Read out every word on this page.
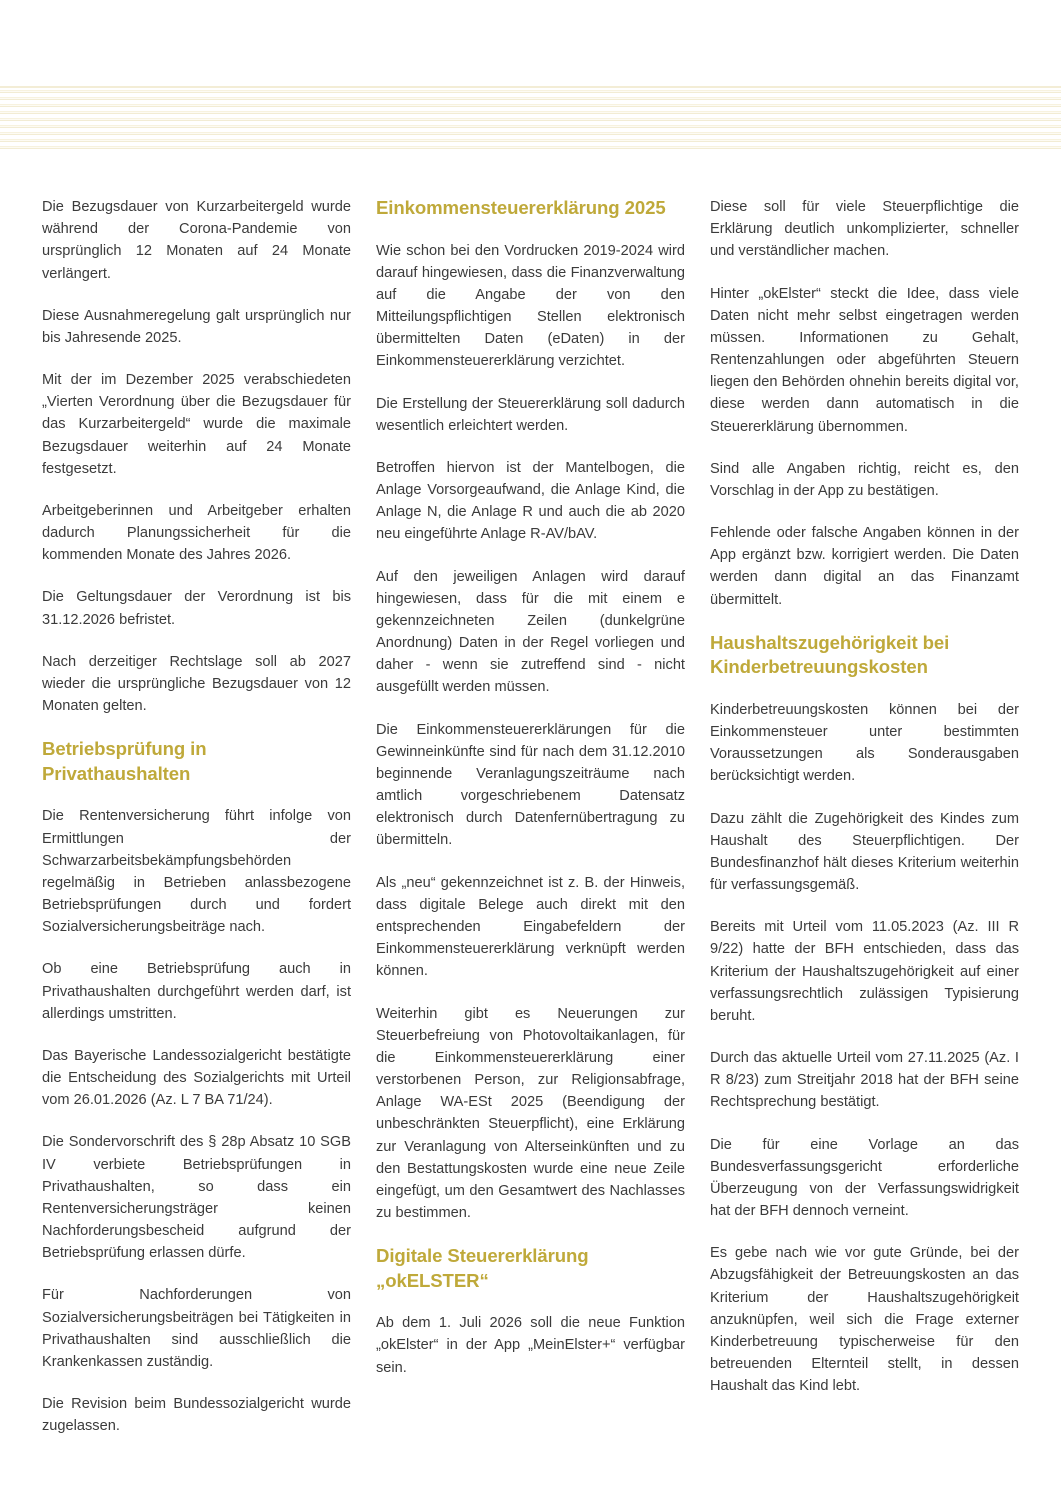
Die Bezugsdauer von Kurzarbeitergeld wurde während der Corona-Pandemie von ursprünglich 12 Monaten auf 24 Monate verlängert.

Diese Ausnahmeregelung galt ursprünglich nur bis Jahresende 2025.

Mit der im Dezember 2025 verabschiedeten „Vierten Verordnung über die Bezugsdauer für das Kurzarbeitergeld“ wurde die maximale Bezugsdauer weiterhin auf 24 Monate festgesetzt.

Arbeitgeberinnen und Arbeitgeber erhalten dadurch Planungssicherheit für die kommenden Monate des Jahres 2026.

Die Geltungsdauer der Verordnung ist bis 31.12.2026 befristet.

Nach derzeitiger Rechtslage soll ab 2027 wieder die ursprüngliche Bezugsdauer von 12 Monaten gelten.

Betriebsprüfung in Privathaushalten

Die Rentenversicherung führt infolge von Ermittlungen der Schwarzarbeitsbekämpfungsbehörden regelmäßig in Betrieben anlassbezogene Betriebsprüfungen durch und fordert Sozialversicherungsbeiträge nach.

Ob eine Betriebsprüfung auch in Privathaushalten durchgeführt werden darf, ist allerdings umstritten.

Das Bayerische Landessozialgericht bestätigte die Entscheidung des Sozialgerichts mit Urteil vom 26.01.2026 (Az. L 7 BA 71/24).

Die Sondervorschrift des § 28p Absatz 10 SGB IV verbiete Betriebsprüfungen in Privathaushalten, so dass ein Rentenversicherungsträger keinen Nachforderungsbescheid aufgrund der Betriebsprüfung erlassen dürfe.

Für Nachforderungen von Sozialversicherungsbeiträgen bei Tätigkeiten in Privathaushalten sind ausschließlich die Krankenkassen zuständig.

Die Revision beim Bundessozialgericht wurde zugelassen.

Einkommensteuererklärung 2025

Wie schon bei den Vordrucken 2019-2024 wird darauf hingewiesen, dass die Finanzverwaltung auf die Angabe der von den Mitteilungspflichtigen Stellen elektronisch übermittelten Daten (eDaten) in der Einkommensteuererklärung verzichtet.

Die Erstellung der Steuererklärung soll dadurch wesentlich erleichtert werden.

Betroffen hiervon ist der Mantelbogen, die Anlage Vorsorgeaufwand, die Anlage Kind, die Anlage N, die Anlage R und auch die ab 2020 neu eingeführte Anlage R-AV/bAV.

Auf den jeweiligen Anlagen wird darauf hingewiesen, dass für die mit einem e gekennzeichneten Zeilen (dunkelgrüne Anordnung) Daten in der Regel vorliegen und daher - wenn sie zutreffend sind - nicht ausgefüllt werden müssen.

Die Einkommensteuererklärungen für die Gewinneinkünfte sind für nach dem 31.12.2010 beginnende Veranlagungszeiträume nach amtlich vorgeschriebenem Datensatz elektronisch durch Datenfernübertragung zu übermitteln.

Als „neu“ gekennzeichnet ist z. B. der Hinweis, dass digitale Belege auch direkt mit den entsprechenden Eingabefeldern der Einkommensteuererklärung verknüpft werden können.

Weiterhin gibt es Neuerungen zur Steuerbefreiung von Photovoltaikanlagen, für die Einkommensteuererklärung einer verstorbenen Person, zur Religionsabfrage, Anlage WA-ESt 2025 (Beendigung der unbeschränkten Steuerpflicht), eine Erklärung zur Veranlagung von Alterseinkünften und zu den Bestattungskosten wurde eine neue Zeile eingefügt, um den Gesamtwert des Nachlasses zu bestimmen.

Digitale Steuererklärung „okELSTER“

Ab dem 1. Juli 2026 soll die neue Funktion „okElster“ in der App „MeinElster+“ verfügbar sein.

Diese soll für viele Steuerpflichtige die Erklärung deutlich unkomplizierter, schneller und verständlicher machen.

Hinter „okElster“ steckt die Idee, dass viele Daten nicht mehr selbst eingetragen werden müssen. Informationen zu Gehalt, Rentenzahlungen oder abgeführten Steuern liegen den Behörden ohnehin bereits digital vor, diese werden dann automatisch in die Steuererklärung übernommen.

Sind alle Angaben richtig, reicht es, den Vorschlag in der App zu bestätigen.

Fehlende oder falsche Angaben können in der App ergänzt bzw. korrigiert werden. Die Daten werden dann digital an das Finanzamt übermittelt.

Haushaltszugehörigkeit bei Kinderbetreuungskosten

Kinderbetreuungskosten können bei der Einkommensteuer unter bestimmten Voraussetzungen als Sonderausgaben berücksichtigt werden.

Dazu zählt die Zugehörigkeit des Kindes zum Haushalt des Steuerpflichtigen. Der Bundesfinanzhof hält dieses Kriterium weiterhin für verfassungsgemäß.

Bereits mit Urteil vom 11.05.2023 (Az. III R 9/22) hatte der BFH entschieden, dass das Kriterium der Haushaltszugehörigkeit auf einer verfassungsrechtlich zulässigen Typisierung beruht.

Durch das aktuelle Urteil vom 27.11.2025 (Az. I R 8/23) zum Streitjahr 2018 hat der BFH seine Rechtsprechung bestätigt.

Die für eine Vorlage an das Bundesverfassungsgericht erforderliche Überzeugung von der Verfassungswidrigkeit hat der BFH dennoch verneint.

Es gebe nach wie vor gute Gründe, bei der Abzugsfähigkeit der Betreuungskosten an das Kriterium der Haushaltszugehörigkeit anzuknüpfen, weil sich die Frage externer Kinderbetreuung typischerweise für den betreuenden Elternteil stellt, in dessen Haushalt das Kind lebt.
